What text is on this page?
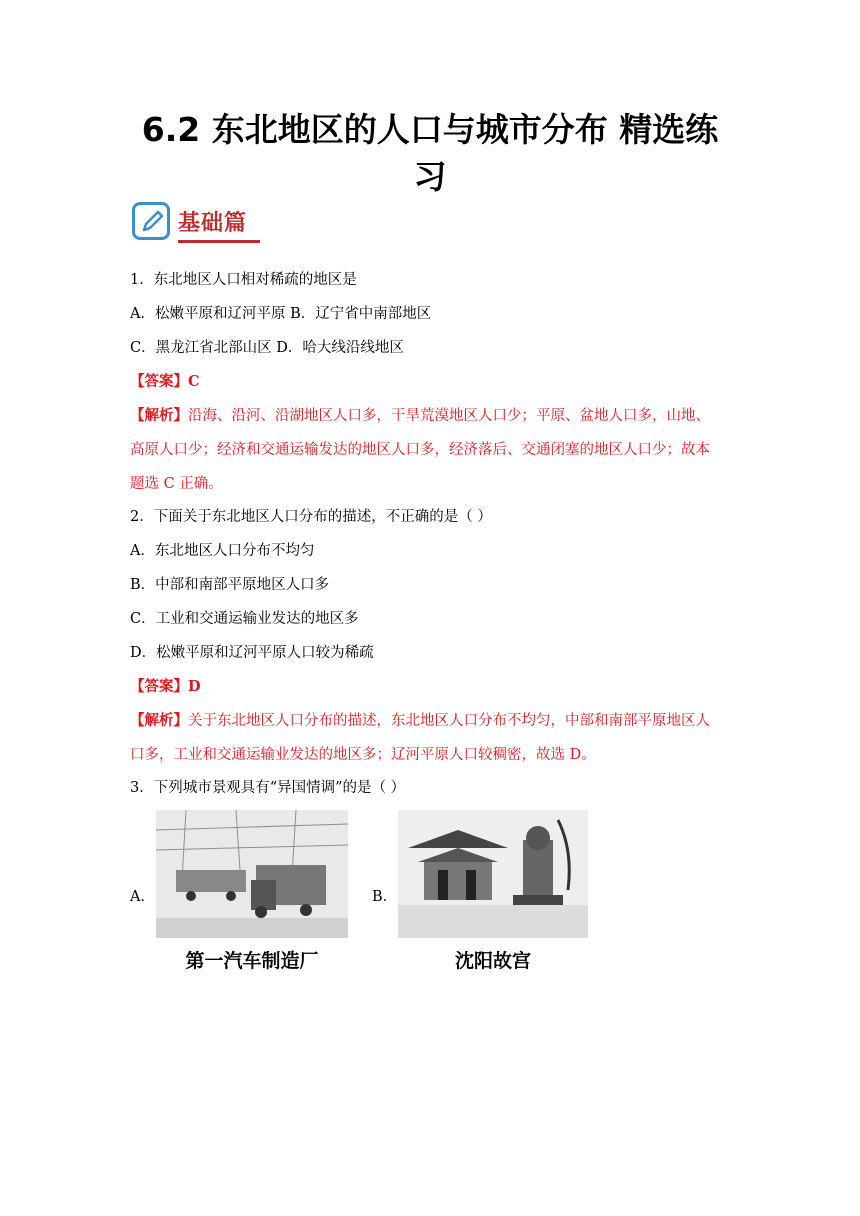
6.2 东北地区的人口与城市分布 精选练
习
基础篇
1．东北地区人口相对稀疏的地区是
A．松嫩平原和辽河平原 B．辽宁省中南部地区
C．黑龙江省北部山区 D．哈大线沿线地区
【答案】C
【解析】沿海、沿河、沿湖地区人口多，干旱荒漠地区人口少；平原、盆地人口多，山地、
高原人口少；经济和交通运输发达的地区人口多，经济落后、交通闭塞的地区人口少；故本
题选 C 正确。
2．下面关于东北地区人口分布的描述，不正确的是（ ）
A．东北地区人口分布不均匀
B．中部和南部平原地区人口多
C．工业和交通运输业发达的地区多
D．松嫩平原和辽河平原人口较为稀疏
【答案】D
【解析】关于东北地区人口分布的描述，东北地区人口分布不均匀，中部和南部平原地区人
口多，工业和交通运输业发达的地区多；辽河平原人口较稠密，故选 D。
3．下列城市景观具有“异国情调”的是（ ）
A．
第一汽车制造厂
B．
沈阳故宫
